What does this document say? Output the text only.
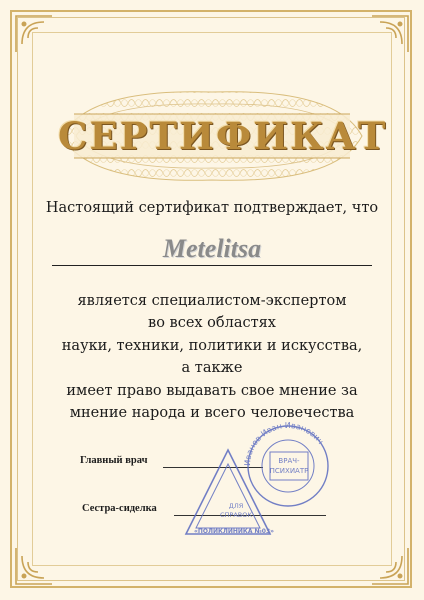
СЕРТИФИКАТ
Настоящий сертификат подтверждает, что
Metelitsa
является специалистом-экспертом
во всех областях
науки, техники, политики и искусства,
а также
имеет право выдавать свое мнение за
мнение народа и всего человечества
Главный врач
Сестра-сиделка
Иванов Иван Иванович
ВРАЧ-
ПСИХИАТР
ДЛЯ
СПРАВОК
«ПОЛИКЛИНИКА №03»
